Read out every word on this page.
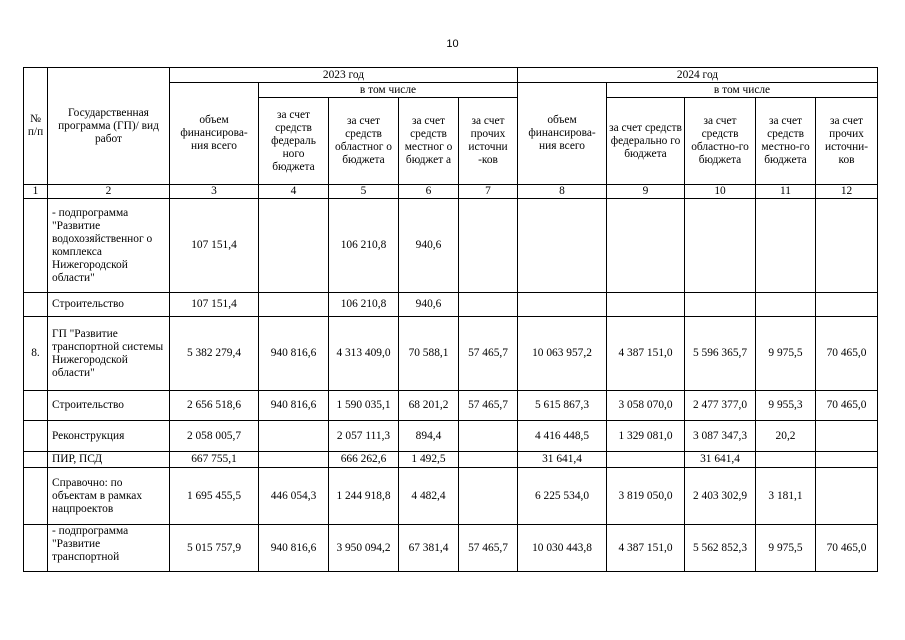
10
№ п/п	Государственная программа (ГП)/ вид работ	2023 год					2024 год				
		объем финансирова-ния всего	в том числе				объем финансирова-ния всего	в том числе			
			за счет средств федераль ного бюджета	за счет средств областног о бюджета	за счет средств местног о бюджет а	за счет прочих источни -ков		за счет средств федерально го бюджета	за счет средств областно-го бюджета	за счет средств местно-го бюджета	за счет прочих источни-ков
1	2	3	4	5	6	7	8	9	10	11	12
	- подпрограмма "Развитие водохозяйственног о комплекса Нижегородской области"	107 151,4		106 210,8	940,6						
	Строительство	107 151,4		106 210,8	940,6						
8.	ГП "Развитие транспортной системы Нижегородской области"	5 382 279,4	940 816,6	4 313 409,0	70 588,1	57 465,7	10 063 957,2	4 387 151,0	5 596 365,7	9 975,5	70 465,0
	Строительство	2 656 518,6	940 816,6	1 590 035,1	68 201,2	57 465,7	5 615 867,3	3 058 070,0	2 477 377,0	9 955,3	70 465,0
	Реконструкция	2 058 005,7		2 057 111,3	894,4		4 416 448,5	1 329 081,0	3 087 347,3	20,2	
	ПИР, ПСД	667 755,1		666 262,6	1 492,5		31 641,4		31 641,4		
	Справочно: по объектам в рамках нацпроектов	1 695 455,5	446 054,3	1 244 918,8	4 482,4		6 225 534,0	3 819 050,0	2 403 302,9	3 181,1	
	- подпрограмма "Развитие транспортной	5 015 757,9	940 816,6	3 950 094,2	67 381,4	57 465,7	10 030 443,8	4 387 151,0	5 562 852,3	9 975,5	70 465,0
